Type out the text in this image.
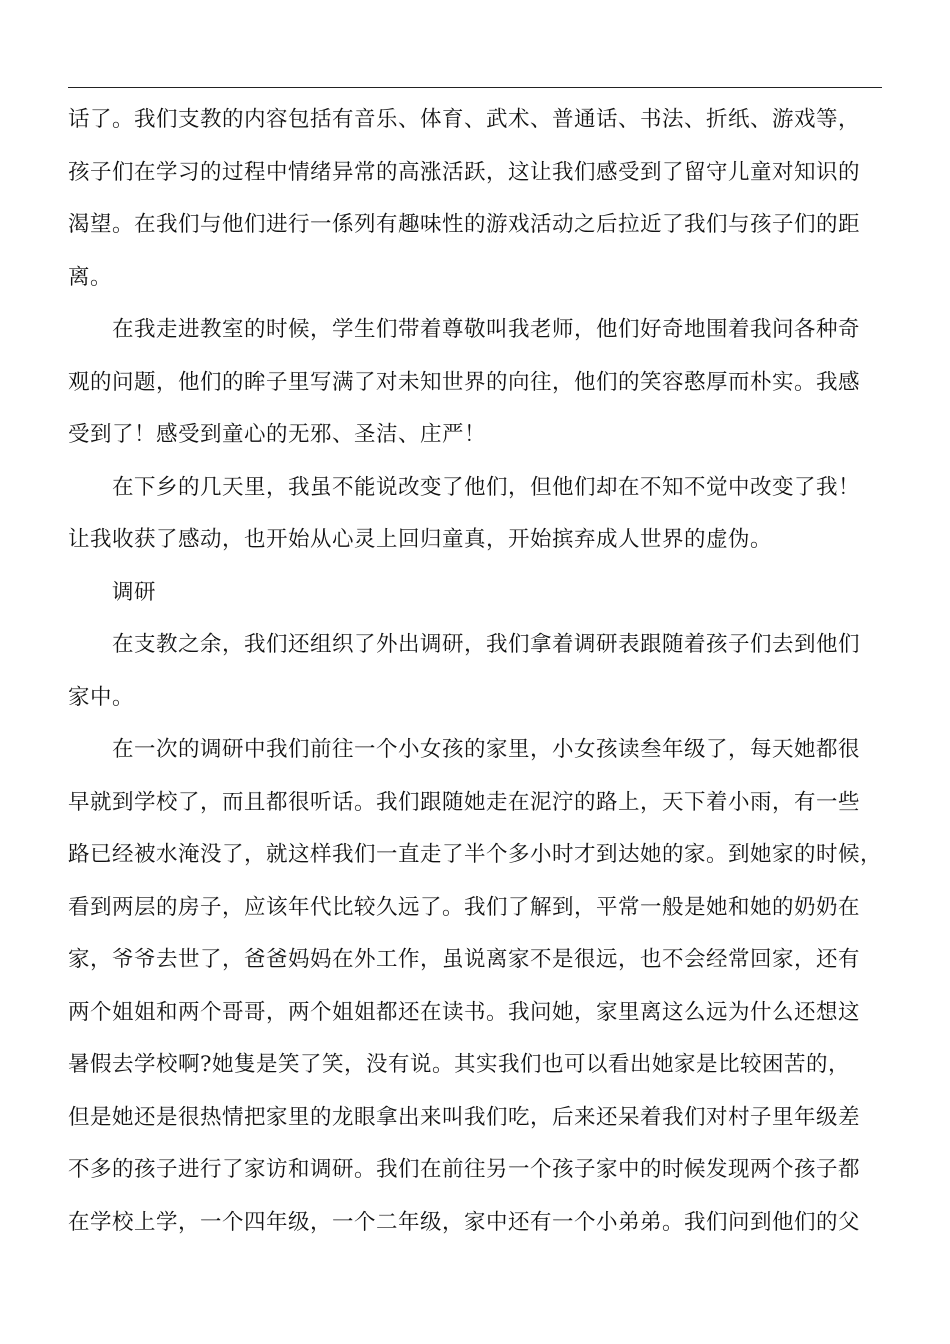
话了。我们支教的内容包括有音乐、体育、武术、普通话、书法、折纸、游戏等，
孩子们在学习的过程中情绪异常的高涨活跃，这让我们感受到了留守儿童对知识的
渴望。在我们与他们进行一係列有趣味性的游戏活动之后拉近了我们与孩子们的距
离。
在我走进教室的时候，学生们带着尊敬叫我老师，他们好奇地围着我问各种奇
观的问题，他们的眸子里写满了对未知世界的向往，他们的笑容憨厚而朴实。我感
受到了！感受到童心的无邪、圣洁、庄严！
在下乡的几天里，我虽不能说改变了他们，但他们却在不知不觉中改变了我！
让我收获了感动，也开始从心灵上回归童真，开始摈弃成人世界的虚伪。
调研
在支教之余，我们还组织了外出调研，我们拿着调研表跟随着孩子们去到他们
家中。
在一次的调研中我们前往一个小女孩的家里，小女孩读叁年级了，每天她都很
早就到学校了，而且都很听话。我们跟随她走在泥泞的路上，天下着小雨，有一些
路已经被水淹没了，就这样我们一直走了半个多小时才到达她的家。到她家的时候，
看到两层的房子，应该年代比较久远了。我们了解到，平常一般是她和她的奶奶在
家，爷爷去世了，爸爸妈妈在外工作，虽说离家不是很远，也不会经常回家，还有
两个姐姐和两个哥哥，两个姐姐都还在读书。我问她，家里离这么远为什么还想这
暑假去学校啊?她隻是笑了笑，没有说。其实我们也可以看出她家是比较困苦的，
但是她还是很热情把家里的龙眼拿出来叫我们吃，后来还呆着我们对村子里年级差
不多的孩子进行了家访和调研。我们在前往另一个孩子家中的时候发现两个孩子都
在学校上学，一个四年级，一个二年级，家中还有一个小弟弟。我们问到他们的父
